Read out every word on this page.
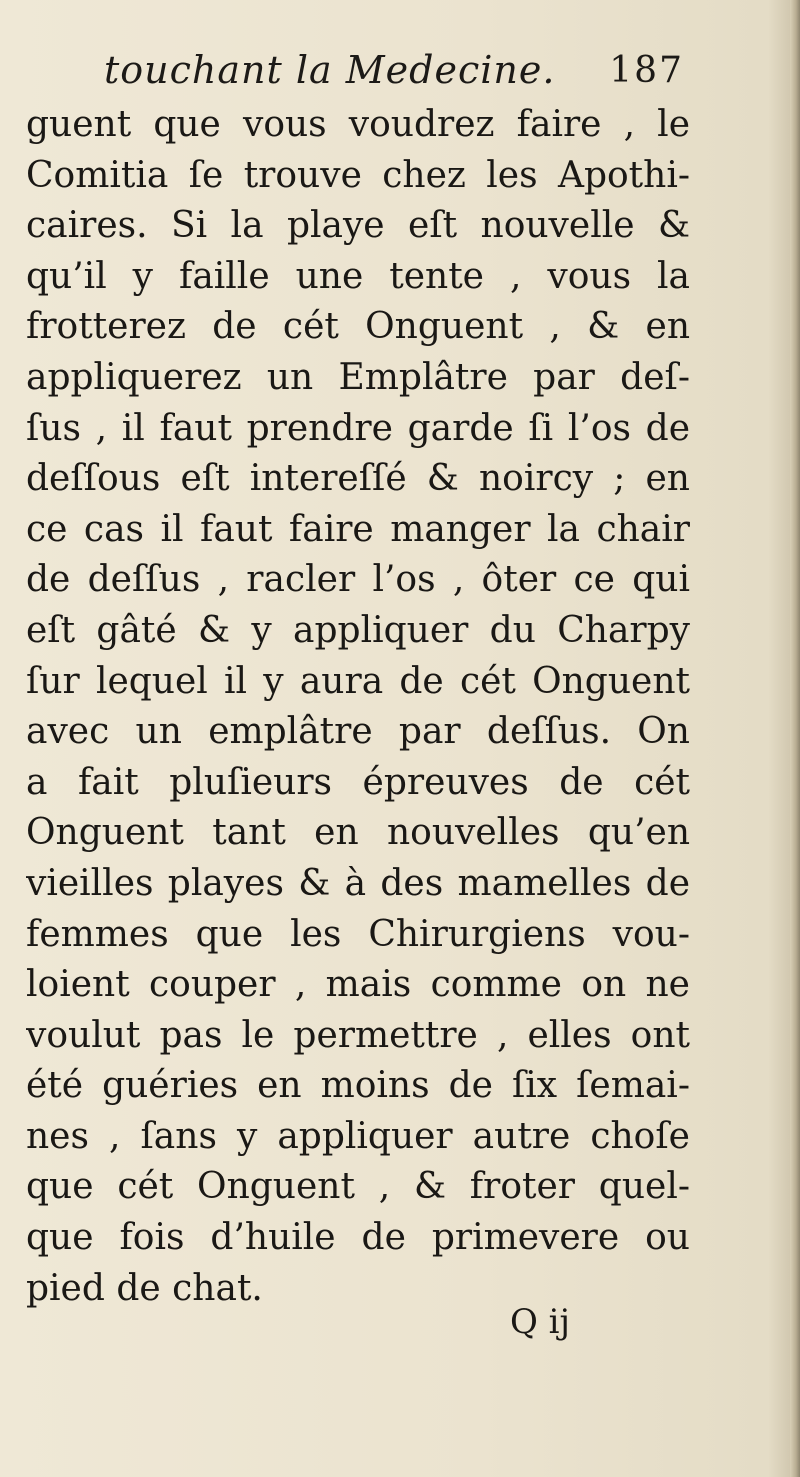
touchant la Medecine. 187
guent que vous voudrez faire , le
Comitia ſe trouve chez les Apothi-
caires. Si la playe eſt nouvelle &
qu’il y faille une tente , vous la
frotterez de cét Onguent , & en
appliquerez un Emplâtre par deſ-
ſus , il faut prendre garde ſi l’os de
deſſous eſt intereſſé & noircy ; en
ce cas il faut faire manger la chair
de deſſus , racler l’os , ôter ce qui
eſt gâté & y appliquer du Charpy
ſur lequel il y aura de cét Onguent
avec un emplâtre par deſſus. On
a fait pluſieurs épreuves de cét
Onguent tant en nouvelles qu’en
vieilles playes & à des mamelles de
femmes que les Chirurgiens vou-
loient couper , mais comme on ne
voulut pas le permettre , elles ont
été guéries en moins de ſix ſemai-
nes , ſans y appliquer autre choſe
que cét Onguent , & froter quel-
que fois d’huile de primevere ou
pied de chat.
Q ij
